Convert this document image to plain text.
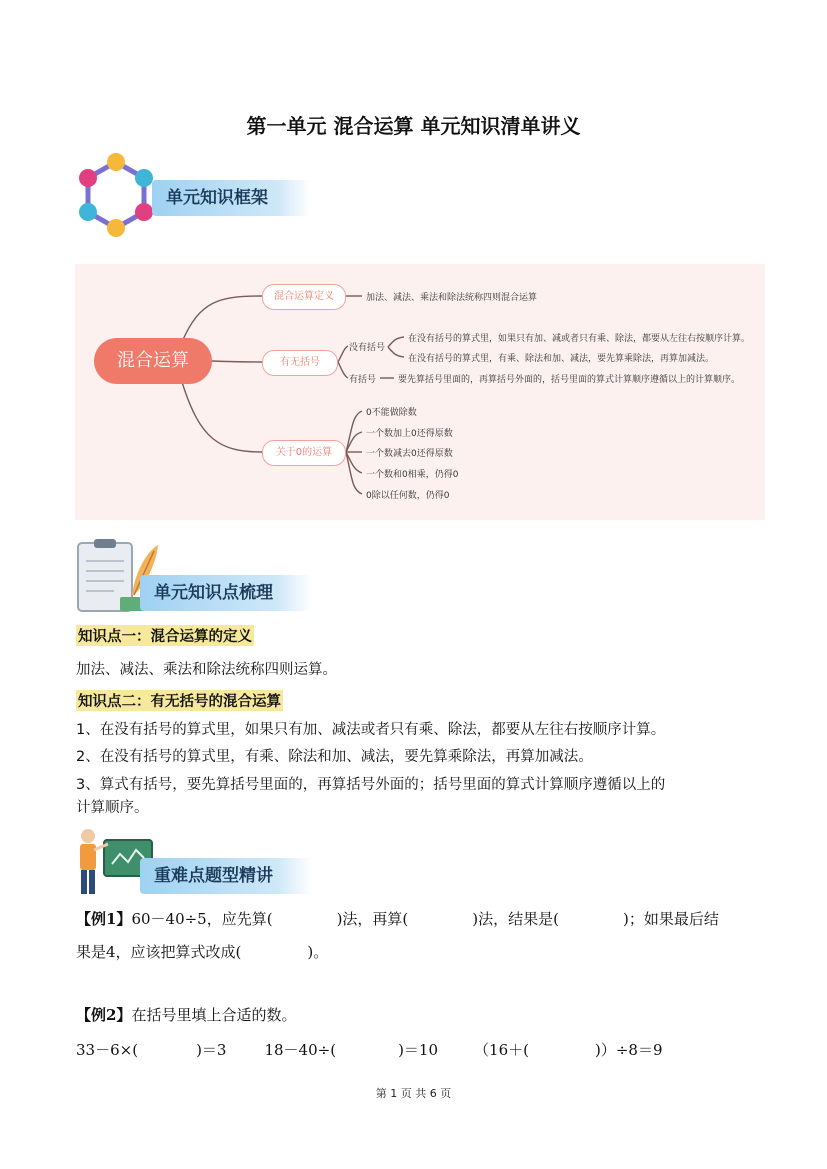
第一单元 混合运算 单元知识清单讲义
单元知识框架
混合运算
混合运算定义
有无括号
关于0的运算
加法、减法、乘法和除法统称四则混合运算
没有括号
在没有括号的算式里，如果只有加、减或者只有乘、除法，都要从左往右按顺序计算。
在没有括号的算式里，有乘、除法和加、减法，要先算乘除法，再算加减法。
有括号 要先算括号里面的，再算括号外面的，括号里面的算式计算顺序遵循以上的计算顺序。
0不能做除数
一个数加上0还得原数
一个数减去0还得原数
一个数和0相乘，仍得0
0除以任何数，仍得0
单元知识点梳理
知识点一：混合运算的定义
加法、减法、乘法和除法统称四则运算。
知识点二：有无括号的混合运算
1、在没有括号的算式里，如果只有加、减法或者只有乘、除法，都要从左往右按顺序计算。
2、在没有括号的算式里，有乘、除法和加、减法，要先算乘除法，再算加减法。
3、算式有括号，要先算括号里面的，再算括号外面的；括号里面的算式计算顺序遵循以上的
计算顺序。
重难点题型精讲
【例1】60－40÷5，应先算(	)法，再算(	)法，结果是(	)；如果最后结
果是4，应该把算式改成(	)。
【例2】在括号里填上合适的数。
33－6×(	)＝3	18－40÷(	)＝10 （16＋(	)）÷8＝9
第 1 页 共 6 页
